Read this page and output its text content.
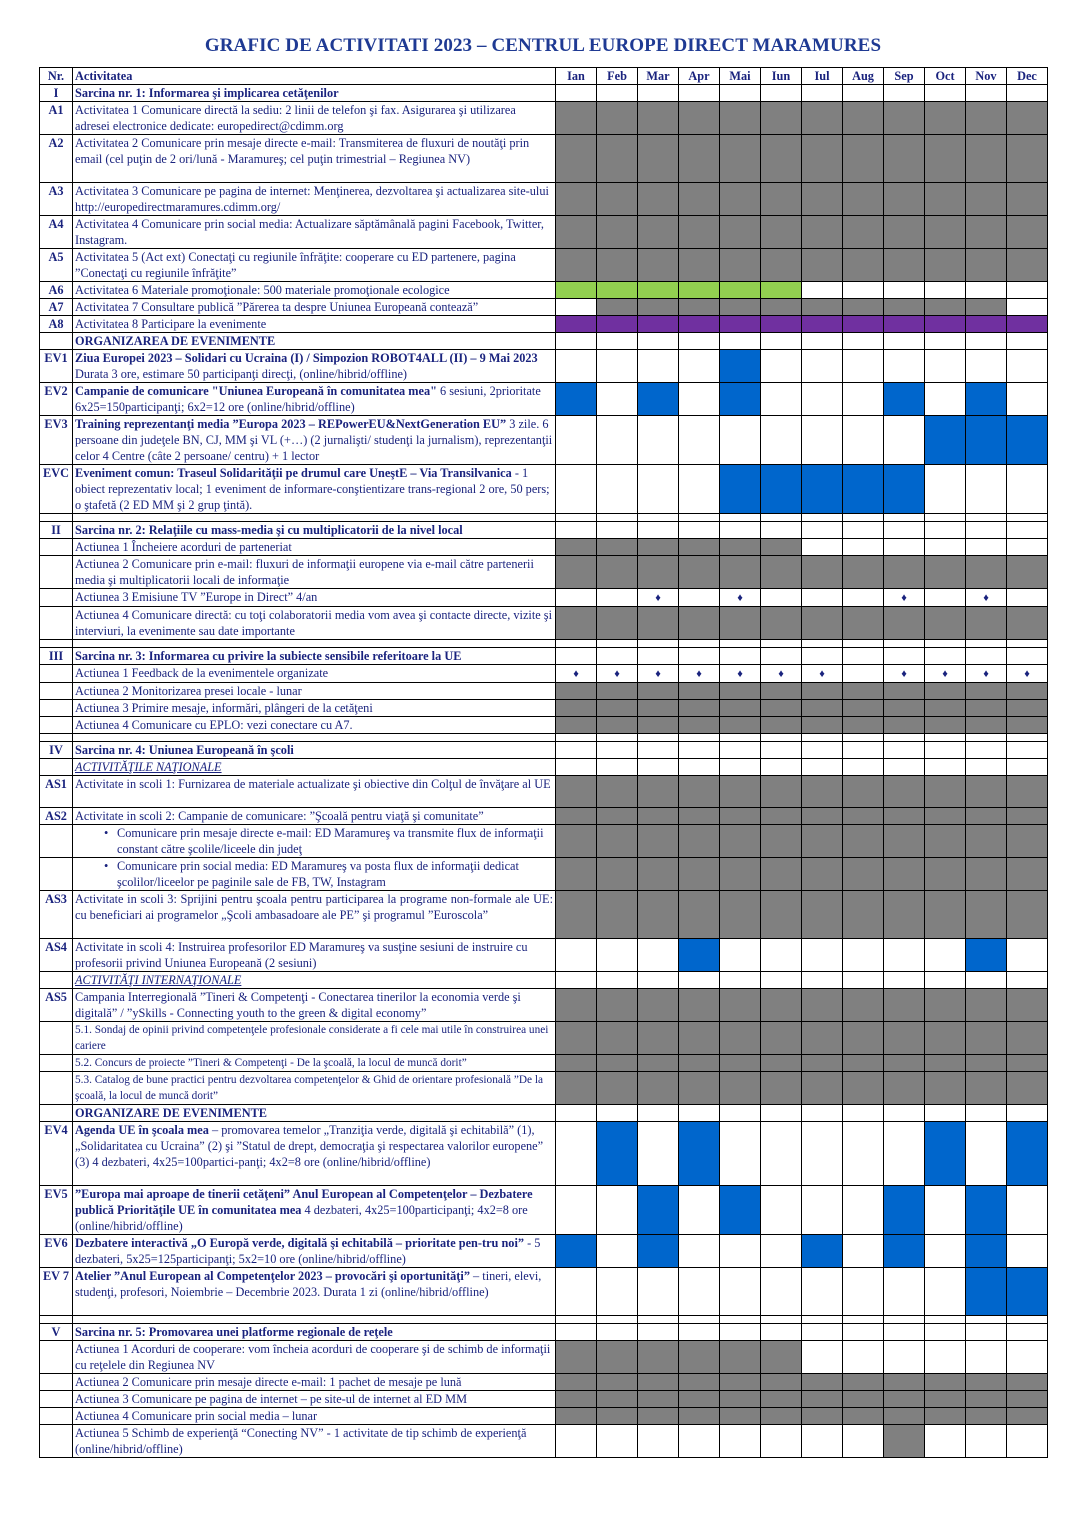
GRAFIC DE ACTIVITATI 2023 – CENTRUL EUROPE DIRECT MARAMURES
Nr.	Activitatea	Ian	Feb	Mar	Apr	Mai	Iun	Iul	Aug	Sep	Oct	Nov	Dec
I	Sarcina nr. 1: Informarea şi implicarea cetăţenilor												
A1	Activitatea 1 Comunicare directă la sediu: 2 linii de telefon şi fax. Asigurarea şi utilizarea adresei electronice dedicate: europedirect@cdimm.org												
A2	Activitatea 2 Comunicare prin mesaje directe e-mail: Transmiterea de fluxuri de noutăţi prin email (cel puţin de 2 ori/lună - Maramureş; cel puţin trimestrial – Regiunea NV)												
A3	Activitatea 3 Comunicare pe pagina de internet: Menţinerea, dezvoltarea şi actualizarea site-ului http://europedirectmaramures.cdimm.org/												
A4	Activitatea 4 Comunicare prin social media: Actualizare săptămânală pagini Facebook, Twitter, Instagram.												
A5	Activitatea 5 (Act ext) Conectaţi cu regiunile înfrăţite: cooperare cu ED partenere, pagina ”Conectaţi cu regiunile înfrăţite”												
A6	Activitatea 6 Materiale promoţionale: 500 materiale promoţionale ecologice												
A7	Activitatea 7 Consultare publică ”Părerea ta despre Uniunea Europeană contează”												
A8	Activitatea 8 Participare la evenimente												
	ORGANIZAREA DE EVENIMENTE												
EV1	Ziua Europei 2023 – Solidari cu Ucraina (I) / Simpozion ROBOT4ALL (II) – 9 Mai 2023 Durata 3 ore, estimare 50 participanţi direcţi, (online/hibrid/offline)												
EV2	Campanie de comunicare "Uniunea Europeană în comunitatea mea" 6 sesiuni, 2prioritate 6x25=150participanţi; 6x2=12 ore (online/hibrid/offline)												
EV3	Training reprezentanţi media ”Europa 2023 – REPowerEU&NextGeneration EU” 3 zile. 6 persoane din judeţele BN, CJ, MM şi VL (+…) (2 jurnalişti/ studenţi la jurnalism), reprezentanţii celor 4 Centre (câte 2 persoane/ centru) + 1 lector												
EVC	Eveniment comun: Traseul Solidarităţii pe drumul care UneştE – Via Transilvanica - 1 obiect reprezentativ local; 1 eveniment de informare-conştientizare trans-regional 2 ore, 50 pers; o ştafetă (2 ED MM şi 2 grup ţintă).												

II	Sarcina nr. 2: Relaţiile cu mass-media şi cu multiplicatorii de la nivel local												
	Actiunea 1 Încheiere acorduri de parteneriat												
	Actiunea 2 Comunicare prin e-mail: fluxuri de informaţii europene via e-mail către partenerii media şi multiplicatorii locali de informaţie												
	Actiunea 3 Emisiune TV ”Europe in Direct” 4/an			♦		♦				♦		♦	
	Actiunea 4 Comunicare directă: cu toţi colaboratorii media vom avea şi contacte directe, vizite şi interviuri, la evenimente sau date importante												

III	Sarcina nr. 3: Informarea cu privire la subiecte sensibile referitoare la UE												
	Actiunea 1 Feedback de la evenimentele organizate	♦	♦	♦	♦	♦	♦	♦		♦	♦	♦	♦
	Actiunea 2 Monitorizarea presei locale - lunar												
	Actiunea 3 Primire mesaje, informări, plângeri de la cetăţeni												
	Actiunea 4 Comunicare cu EPLO: vezi conectare cu A7.												

IV	Sarcina nr. 4: Uniunea Europeană în şcoli												
	ACTIVITĂŢILE NAŢIONALE												
AS1	Activitate in scoli 1: Furnizarea de materiale actualizate şi obiective din Colţul de învăţare al UE												
AS2	Activitate in scoli 2: Campanie de comunicare: ”Şcoală pentru viaţă şi comunitate”												
	• Comunicare prin mesaje directe e-mail: ED Maramureş va transmite flux de informaţii constant către şcolile/liceele din judeţ												
	• Comunicare prin social media: ED Maramureş va posta flux de informaţii dedicat şcolilor/liceelor pe paginile sale de FB, TW, Instagram												
AS3	Activitate in scoli 3: Sprijini pentru şcoala pentru participarea la programe non-formale ale UE: cu beneficiari ai programelor „Şcoli ambasadoare ale PE” şi programul ”Euroscola”												
AS4	Activitate in scoli 4: Instruirea profesorilor ED Maramureş va susţine sesiuni de instruire cu profesorii privind Uniunea Europeană (2 sesiuni)												
	ACTIVITĂŢI INTERNAŢIONALE												
AS5	Campania Interregională ”Tineri & Competenţi - Conectarea tinerilor la economia verde şi digitală” / ”ySkills - Connecting youth to the green & digital economy”												
	5.1. Sondaj de opinii privind competenţele profesionale considerate a fi cele mai utile în construirea unei cariere												
	5.2. Concurs de proiecte ”Tineri & Competenţi - De la şcoală, la locul de muncă dorit”												
	5.3. Catalog de bune practici pentru dezvoltarea competenţelor & Ghid de orientare profesională ”De la şcoală, la locul de muncă dorit”												
	ORGANIZARE DE EVENIMENTE												
EV4	Agenda UE în şcoala mea – promovarea temelor „Tranziţia verde, digitală şi echitabilă” (1), „Solidaritatea cu Ucraina” (2) şi ”Statul de drept, democraţia şi respectarea valorilor europene” (3) 4 dezbateri, 4x25=100partici-panţi; 4x2=8 ore (online/hibrid/offline)												
EV5	”Europa mai aproape de tinerii cetăţeni” Anul European al Competenţelor – Dezbatere publică Priorităţile UE în comunitatea mea 4 dezbateri, 4x25=100participanţi; 4x2=8 ore (online/hibrid/offline)												
EV6	Dezbatere interactivă „O Europă verde, digitală şi echitabilă – prioritate pen-tru noi” - 5 dezbateri, 5x25=125participanţi; 5x2=10 ore (online/hibrid/offline)												
EV 7	Atelier ”Anul European al Competenţelor 2023 – provocări şi oportunităţi” – tineri, elevi, studenţi, profesori, Noiembrie – Decembrie 2023. Durata 1 zi (online/hibrid/offline)												

V	Sarcina nr. 5: Promovarea unei platforme regionale de reţele												
	Actiunea 1 Acorduri de cooperare: vom încheia acorduri de cooperare şi de schimb de informaţii cu reţelele din Regiunea NV												
	Actiunea 2 Comunicare prin mesaje directe e-mail: 1 pachet de mesaje pe lună												
	Actiunea 3 Comunicare pe pagina de internet – pe site-ul de internet al ED MM												
	Actiunea 4 Comunicare prin social media – lunar												
	Actiunea 5 Schimb de experienţă “Conecting NV” - 1 activitate de tip schimb de experienţă (online/hibrid/offline)												
